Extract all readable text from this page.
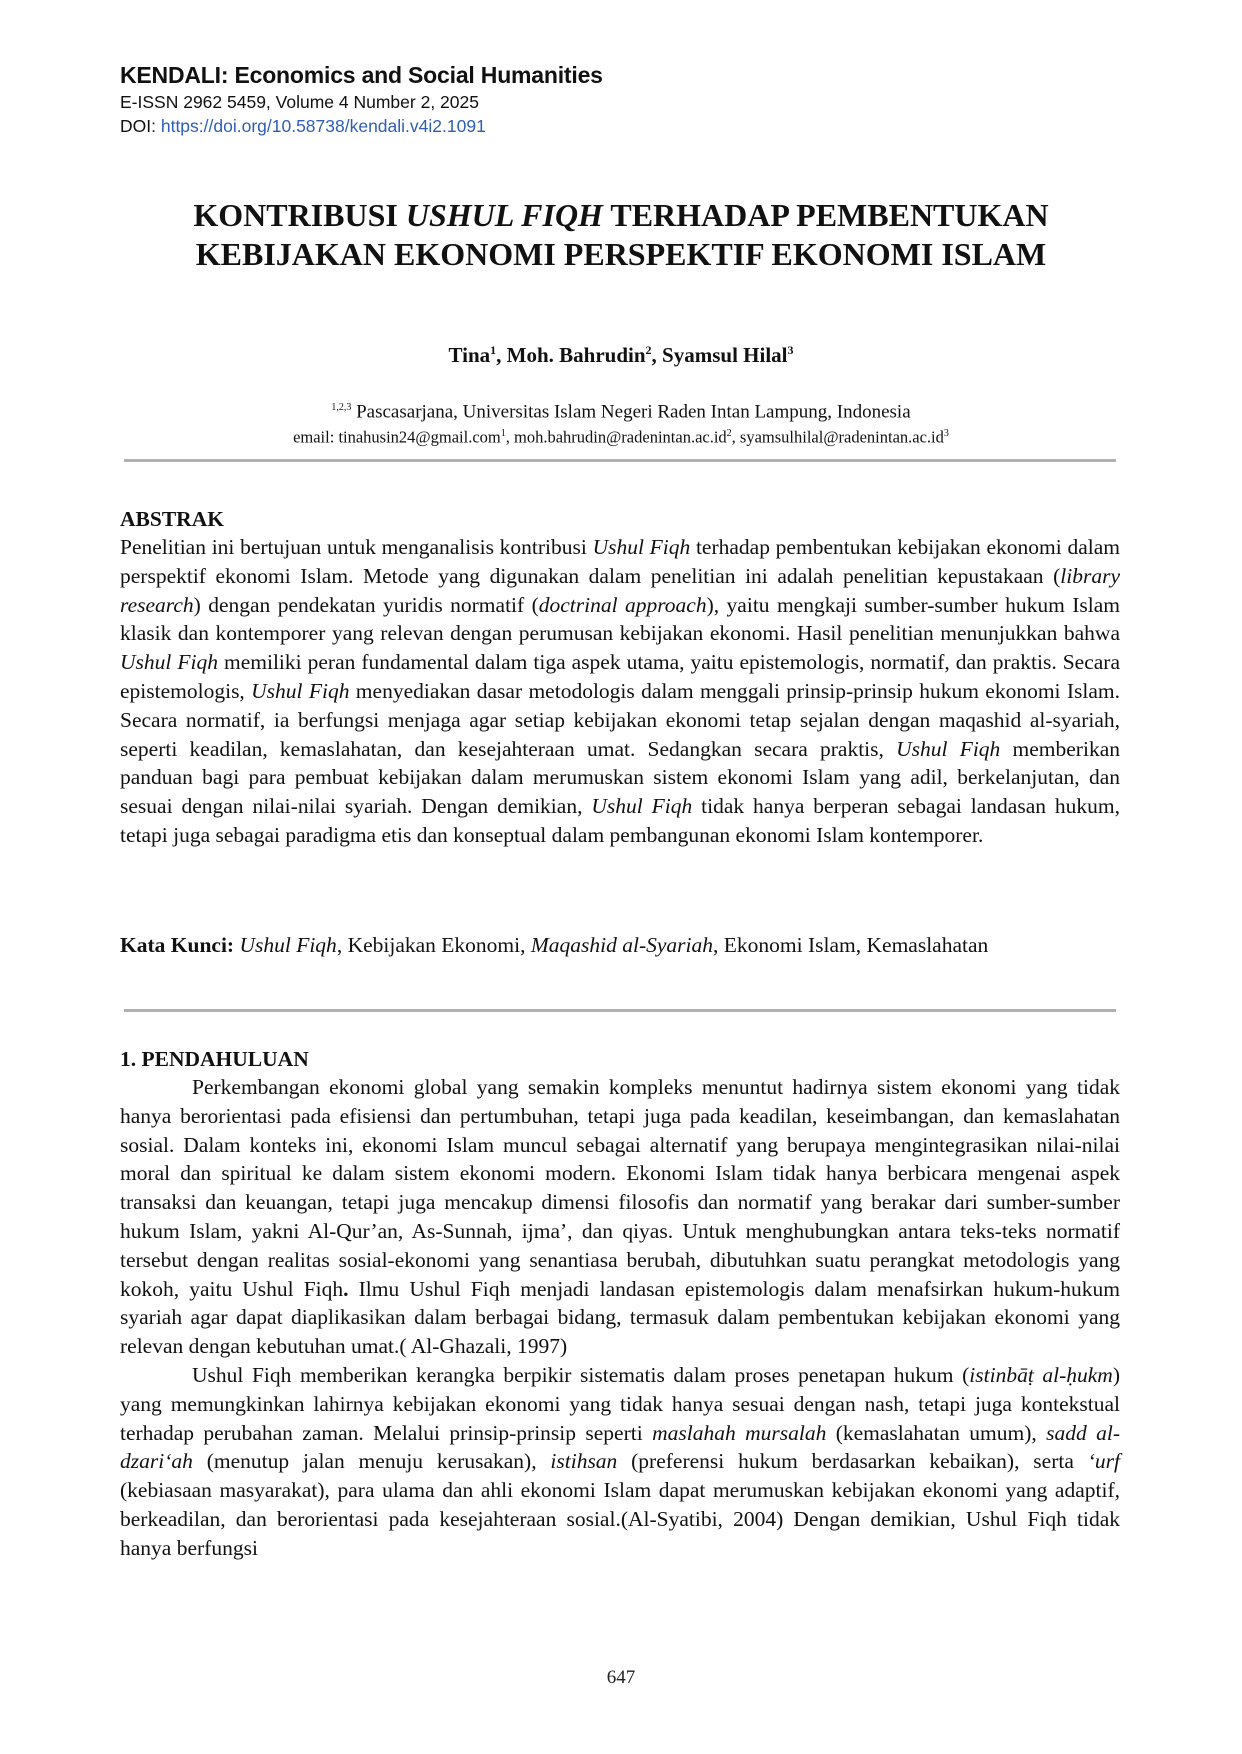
KENDALI: Economics and Social Humanities
E-ISSN 2962 5459, Volume 4 Number 2, 2025
DOI: https://doi.org/10.58738/kendali.v4i2.1091
KONTRIBUSI USHUL FIQH TERHADAP PEMBENTUKAN
KEBIJAKAN EKONOMI PERSPEKTIF EKONOMI ISLAM
Tina$^1$, Moh. Bahrudin$^2$, Syamsul Hilal$^3$
$^{1,2,3}$ Pascasarjana, Universitas Islam Negeri Raden Intan Lampung, Indonesia
email: tinahusin24@gmail.com$^1$, $moh.bahrudin@radenintan.ac.id^2$, $syamsulhilal@radenintan.ac.id^3$
ABSTRAK

Penelitian ini bertujuan untuk menganalisis kontribusi Ushul Fiqh terhadap pembentukan kebijakan ekonomi dalam perspektif ekonomi Islam. Metode yang digunakan dalam penelitian ini adalah penelitian kepustakaan (library research) dengan pendekatan yuridis normatif (doctrinal approach), yaitu mengkaji sumber-sumber hukum Islam klasik dan kontemporer yang relevan dengan perumusan kebijakan ekonomi. Hasil penelitian menunjukkan bahwa Ushul Fiqh memiliki peran fundamental dalam tiga aspek utama, yaitu epistemologis, normatif, dan praktis. Secara epistemologis, Ushul Fiqh menyediakan dasar metodologis dalam menggali prinsip-prinsip hukum ekonomi Islam. Secara normatif, ia berfungsi menjaga agar setiap kebijakan ekonomi tetap sejalan dengan maqashid al-syariah, seperti keadilan, kemaslahatan, dan kesejahteraan umat. Sedangkan secara praktis, Ushul Fiqh memberikan panduan bagi para pembuat kebijakan dalam merumuskan sistem ekonomi Islam yang adil, berkelanjutan, dan sesuai dengan nilai-nilai syariah. Dengan demikian, Ushul Fiqh tidak hanya berperan sebagai landasan hukum, tetapi juga sebagai paradigma etis dan konseptual dalam pembangunan ekonomi Islam kontemporer.

Kata Kunci: Ushul Fiqh, Kebijakan Ekonomi, Maqashid al-Syariah, Ekonomi Islam, Kemaslahatan

1. PENDAHULUAN

Perkembangan ekonomi global yang semakin kompleks menuntut hadirnya sistem ekonomi yang tidak hanya berorientasi pada efisiensi dan pertumbuhan, tetapi juga pada keadilan, keseimbangan, dan kemaslahatan sosial. Dalam konteks ini, ekonomi Islam muncul sebagai alternatif yang berupaya mengintegrasikan nilai-nilai moral dan spiritual ke dalam sistem ekonomi modern. Ekonomi Islam tidak hanya berbicara mengenai aspek transaksi dan keuangan, tetapi juga mencakup dimensi filosofis dan normatif yang berakar dari sumber-sumber hukum Islam, yakni Al-Qur’an, As-Sunnah, ijma’, dan qiyas. Untuk menghubungkan antara teks-teks normatif tersebut dengan realitas sosial-ekonomi yang senantiasa berubah, dibutuhkan suatu perangkat metodologis yang kokoh, yaitu Ushul Fiqh. Ilmu Ushul Fiqh menjadi landasan epistemologis dalam menafsirkan hukum-hukum syariah agar dapat diaplikasikan dalam berbagai bidang, termasuk dalam pembentukan kebijakan ekonomi yang relevan dengan kebutuhan umat.( Al-Ghazali, 1997)

Ushul Fiqh memberikan kerangka berpikir sistematis dalam proses penetapan hukum (istinbāṭ al-ḥukm) yang memungkinkan lahirnya kebijakan ekonomi yang tidak hanya sesuai dengan nash, tetapi juga kontekstual terhadap perubahan zaman. Melalui prinsip-prinsip seperti maslahah mursalah (kemaslahatan umum), sadd al-dzari‘ah (menutup jalan menuju kerusakan), istihsan (preferensi hukum berdasarkan kebaikan), serta ‘urf (kebiasaan masyarakat), para ulama dan ahli ekonomi Islam dapat merumuskan kebijakan ekonomi yang adaptif, berkeadilan, dan berorientasi pada kesejahteraan sosial.(Al-Syatibi, 2004) Dengan demikian, Ushul Fiqh tidak hanya berfungsi

647
